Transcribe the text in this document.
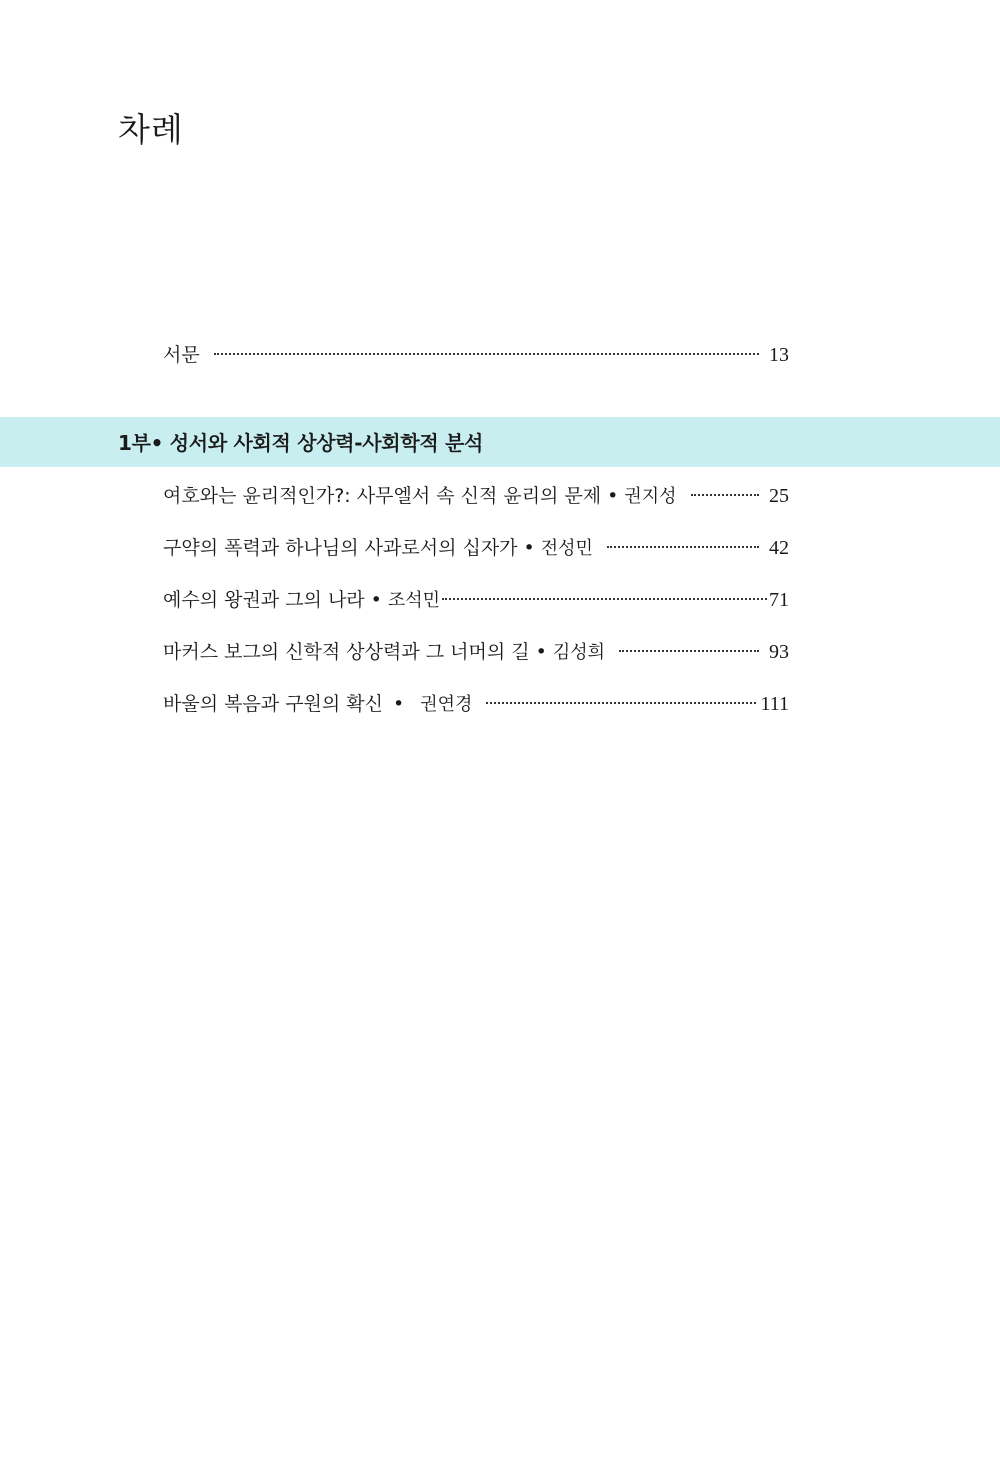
차례
서문	13
1부• 성서와 사회적 상상력-사회학적 분석
여호와는 윤리적인가?: 사무엘서 속 신적 윤리의 문제 • 권지성	25
구약의 폭력과 하나님의 사과로서의 십자가 • 전성민	42
예수의 왕권과 그의 나라 • 조석민	71
마커스 보그의 신학적 상상력과 그 너머의 길 • 김성희	93
바울의 복음과 구원의 확신 • 권연경	111
